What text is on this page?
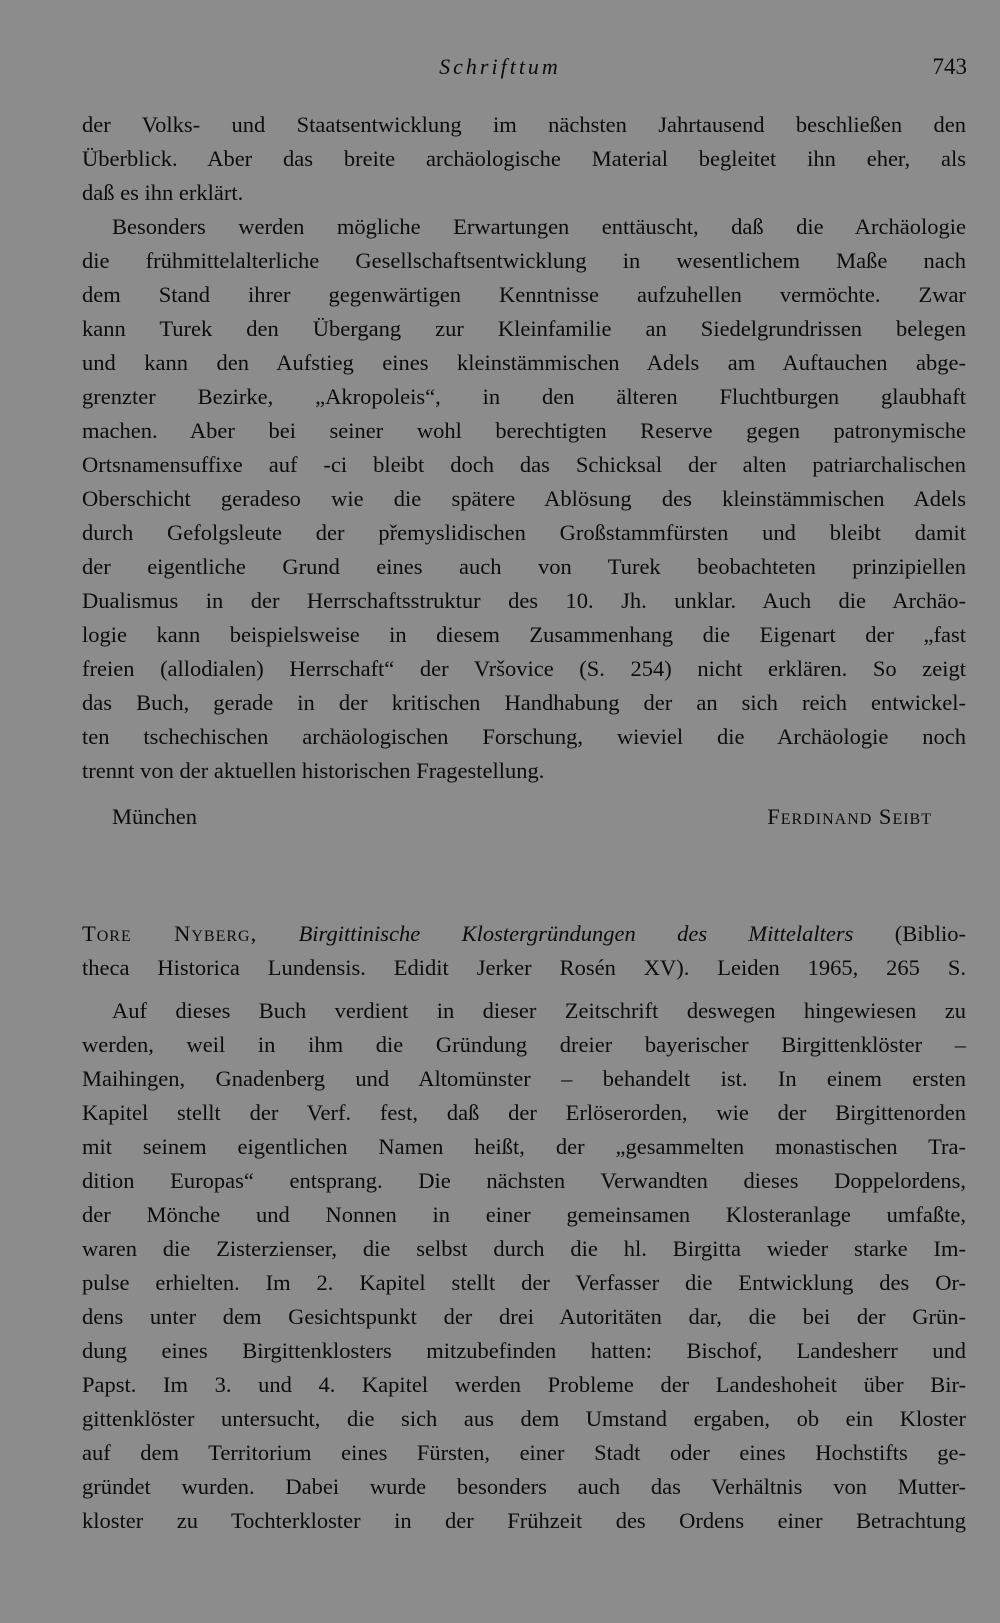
Schrifttum	743
der Volks- und Staatsentwicklung im nächsten Jahrtausend beschließen den
Überblick. Aber das breite archäologische Material begleitet ihn eher, als
daß es ihn erklärt.
Besonders werden mögliche Erwartungen enttäuscht, daß die Archäologie
die frühmittelalterliche Gesellschaftsentwicklung in wesentlichem Maße nach
dem Stand ihrer gegenwärtigen Kenntnisse aufzuhellen vermöchte. Zwar
kann Turek den Übergang zur Kleinfamilie an Siedelgrundrissen belegen
und kann den Aufstieg eines kleinstämmischen Adels am Auftauchen abge-
grenzter Bezirke, „Akropoleis“, in den älteren Fluchtburgen glaubhaft
machen. Aber bei seiner wohl berechtigten Reserve gegen patronymische
Ortsnamensuffixe auf -ci bleibt doch das Schicksal der alten patriarchalischen
Oberschicht geradeso wie die spätere Ablösung des kleinstämmischen Adels
durch Gefolgsleute der přemyslidischen Großstammfürsten und bleibt damit
der eigentliche Grund eines auch von Turek beobachteten prinzipiellen
Dualismus in der Herrschaftsstruktur des 10. Jh. unklar. Auch die Archäo-
logie kann beispielsweise in diesem Zusammenhang die Eigenart der „fast
freien (allodialen) Herrschaft“ der Vršovice (S. 254) nicht erklären. So zeigt
das Buch, gerade in der kritischen Handhabung der an sich reich entwickel-
ten tschechischen archäologischen Forschung, wieviel die Archäologie noch
trennt von der aktuellen historischen Fragestellung.
München	Ferdinand Seibt
Tore Nyberg, Birgittinische Klostergründungen des Mittelalters (Biblio-
theca Historica Lundensis. Edidit Jerker Rosén XV). Leiden 1965, 265 S.
Auf dieses Buch verdient in dieser Zeitschrift deswegen hingewiesen zu
werden, weil in ihm die Gründung dreier bayerischer Birgittenklöster –
Maihingen, Gnadenberg und Altomünster – behandelt ist. In einem ersten
Kapitel stellt der Verf. fest, daß der Erlöserorden, wie der Birgittenorden
mit seinem eigentlichen Namen heißt, der „gesammelten monastischen Tra-
dition Europas“ entsprang. Die nächsten Verwandten dieses Doppelordens,
der Mönche und Nonnen in einer gemeinsamen Klosteranlage umfaßte,
waren die Zisterzienser, die selbst durch die hl. Birgitta wieder starke Im-
pulse erhielten. Im 2. Kapitel stellt der Verfasser die Entwicklung des Or-
dens unter dem Gesichtspunkt der drei Autoritäten dar, die bei der Grün-
dung eines Birgittenklosters mitzubefinden hatten: Bischof, Landesherr und
Papst. Im 3. und 4. Kapitel werden Probleme der Landeshoheit über Bir-
gittenklöster untersucht, die sich aus dem Umstand ergaben, ob ein Kloster
auf dem Territorium eines Fürsten, einer Stadt oder eines Hochstifts ge-
gründet wurden. Dabei wurde besonders auch das Verhältnis von Mutter-
kloster zu Tochterkloster in der Frühzeit des Ordens einer Betrachtung
